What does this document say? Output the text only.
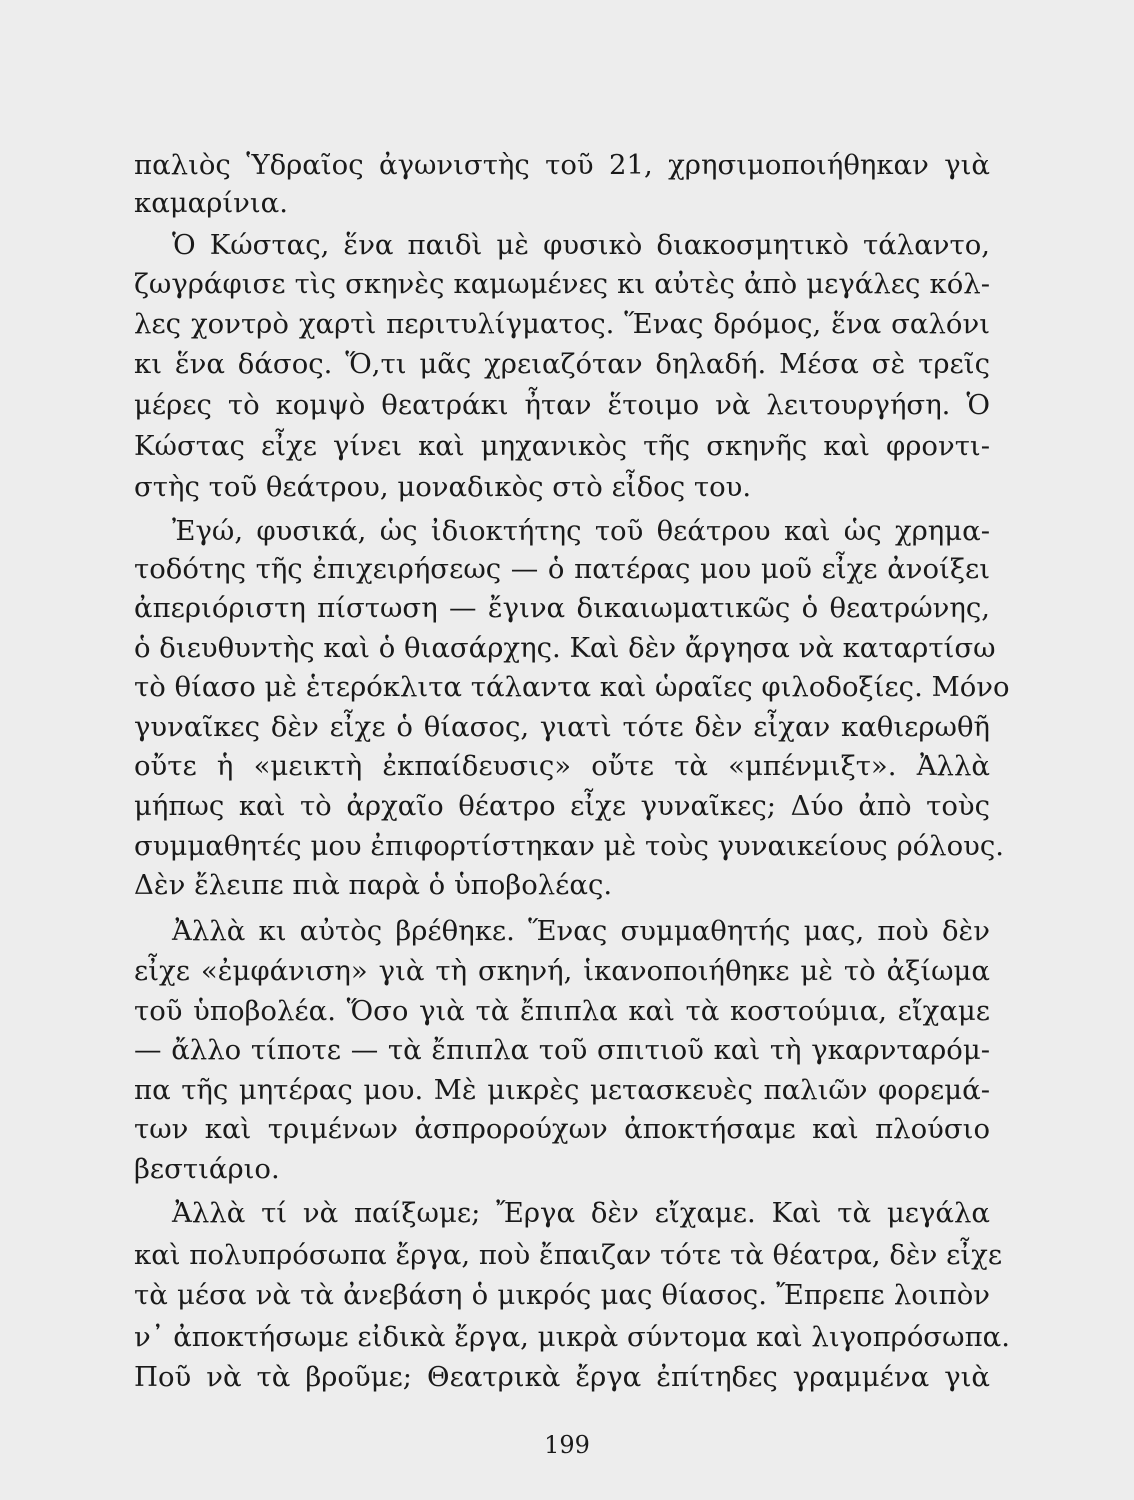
παλιὸς Ὑδραῖος ἀγωνιστὴς τοῦ 21, χρησιμοποιήθηκαν γιὰ
καμαρίνια.
Ὁ Κώστας, ἕνα παιδὶ μὲ φυσικὸ διακοσμητικὸ τάλαντο,
ζωγράφισε τὶς σκηνὲς καμωμένες κι αὐτὲς ἀπὸ μεγάλες κόλ-
λες χοντρὸ χαρτὶ περιτυλίγματος. Ἕνας δρόμος, ἕνα σαλόνι
κι ἕνα δάσος. Ὅ,τι μᾶς χρειαζόταν δηλαδή. Μέσα σὲ τρεῖς
μέρες τὸ κομψὸ θεατράκι ἦταν ἕτοιμο νὰ λειτουργήση. Ὁ
Κώστας εἶχε γίνει καὶ μηχανικὸς τῆς σκηνῆς καὶ φροντι-
στὴς τοῦ θεάτρου, μοναδικὸς στὸ εἶδος του.
Ἐγώ, φυσικά, ὡς ἰδιοκτήτης τοῦ θεάτρου καὶ ὡς χρημα-
τοδότης τῆς ἐπιχειρήσεως — ὁ πατέρας μου μοῦ εἶχε ἀνοίξει
ἀπεριόριστη πίστωση — ἔγινα δικαιωματικῶς ὁ θεατρώνης,
ὁ διευθυντὴς καὶ ὁ θιασάρχης. Καὶ δὲν ἄργησα νὰ καταρτίσω
τὸ θίασο μὲ ἑτερόκλιτα τάλαντα καὶ ὡραῖες φιλοδοξίες. Μόνο
γυναῖκες δὲν εἶχε ὁ θίασος, γιατὶ τότε δὲν εἶχαν καθιερωθῆ
οὔτε ἡ «μεικτὴ ἐκπαίδευσις» οὔτε τὰ «μπένμιξτ». Ἀλλὰ
μήπως καὶ τὸ ἀρχαῖο θέατρο εἶχε γυναῖκες; Δύο ἀπὸ τοὺς
συμμαθητές μου ἐπιφορτίστηκαν μὲ τοὺς γυναικείους ρόλους.
Δὲν ἔλειπε πιὰ παρὰ ὁ ὑποβολέας.
Ἀλλὰ κι αὐτὸς βρέθηκε. Ἕνας συμμαθητής μας, ποὺ δὲν
εἶχε «ἐμφάνιση» γιὰ τὴ σκηνή, ἱκανοποιήθηκε μὲ τὸ ἀξίωμα
τοῦ ὑποβολέα. Ὅσο γιὰ τὰ ἔπιπλα καὶ τὰ κοστούμια, εἴχαμε
— ἄλλο τίποτε — τὰ ἔπιπλα τοῦ σπιτιοῦ καὶ τὴ γκαρνταρόμ-
πα τῆς μητέρας μου. Μὲ μικρὲς μετασκευὲς παλιῶν φορεμά-
των καὶ τριμένων ἀσπρορούχων ἀποκτήσαμε καὶ πλούσιο
βεστιάριο.
Ἀλλὰ τί νὰ παίξωμε; Ἔργα δὲν εἴχαμε. Καὶ τὰ μεγάλα
καὶ πολυπρόσωπα ἔργα, ποὺ ἔπαιζαν τότε τὰ θέατρα, δὲν εἶχε
τὰ μέσα νὰ τὰ ἀνεβάση ὁ μικρός μας θίασος. Ἔπρεπε λοιπὸν
ν᾿ ἀποκτήσωμε εἰδικὰ ἔργα, μικρὰ σύντομα καὶ λιγοπρόσωπα.
Ποῦ νὰ τὰ βροῦμε; Θεατρικὰ ἔργα ἐπίτηδες γραμμένα γιὰ
199
